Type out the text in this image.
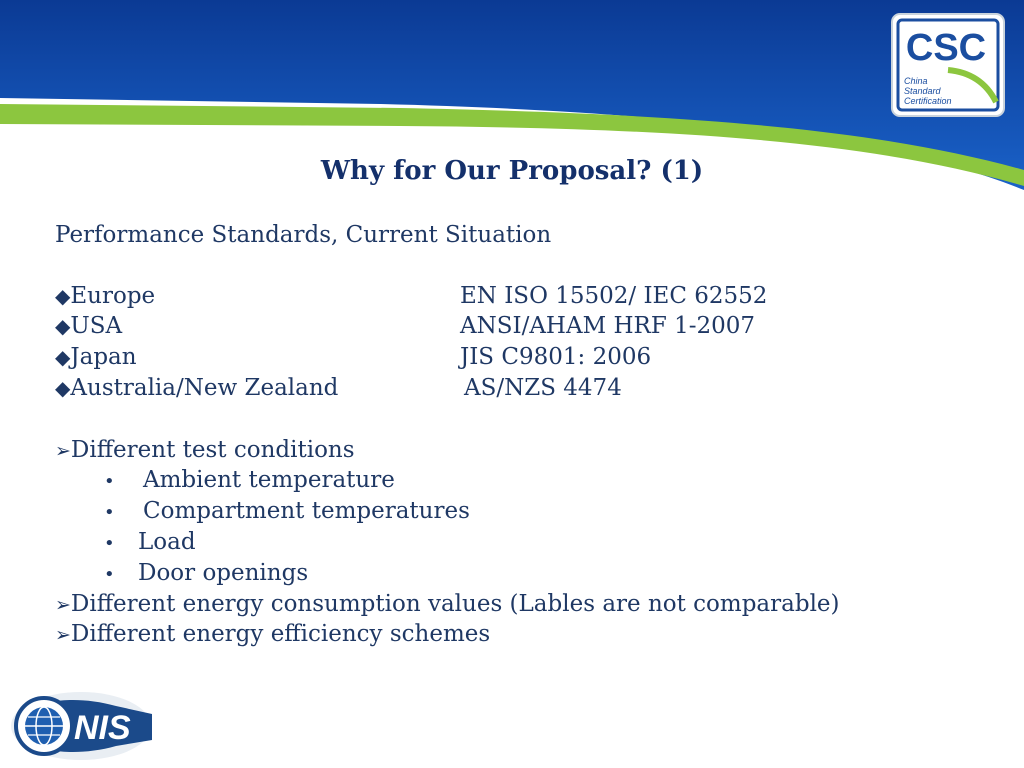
CSC
China
Standard
Certification
Why for Our Proposal? (1)
Performance Standards, Current Situation
◆Europe	EN ISO 15502/ IEC 62552
◆USA	ANSI/AHAM HRF 1-2007
◆Japan	JIS C9801: 2006
◆Australia/New Zealand	AS/NZS 4474
➢Different test conditions
• Ambient temperature
• Compartment temperatures
• Load
• Door openings
➢Different energy consumption values (Lables are not comparable)
➢Different energy efficiency schemes
NIS
